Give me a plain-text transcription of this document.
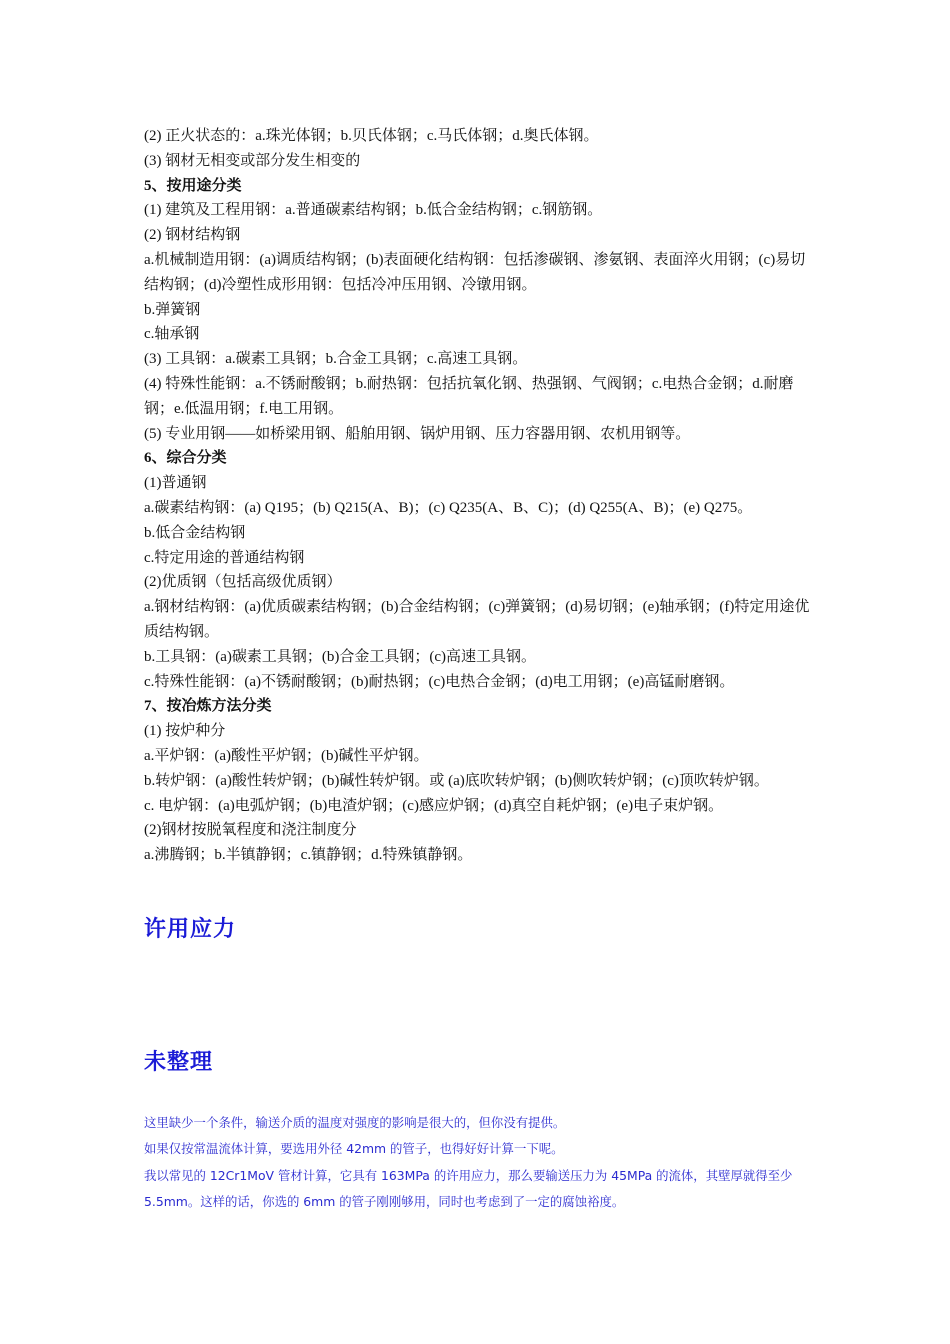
(2) 正火状态的：a.珠光体钢；b.贝氏体钢；c.马氏体钢；d.奥氏体钢。

(3) 钢材无相变或部分发生相变的

5、按用途分类

(1) 建筑及工程用钢：a.普通碳素结构钢；b.低合金结构钢；c.钢筋钢。

(2) 钢材结构钢

a.机械制造用钢：(a)调质结构钢；(b)表面硬化结构钢：包括渗碳钢、渗氨钢、表面淬火用钢；(c)易切结构钢；(d)冷塑性成形用钢：包括冷冲压用钢、冷镦用钢。

b.弹簧钢

c.轴承钢

(3) 工具钢：a.碳素工具钢；b.合金工具钢；c.高速工具钢。

(4) 特殊性能钢：a.不锈耐酸钢；b.耐热钢：包括抗氧化钢、热强钢、气阀钢；c.电热合金钢；d.耐磨钢；e.低温用钢；f.电工用钢。

(5) 专业用钢——如桥梁用钢、船舶用钢、锅炉用钢、压力容器用钢、农机用钢等。

6、综合分类

(1)普通钢

a.碳素结构钢：(a) Q195；(b) Q215(A、B)；(c) Q235(A、B、C)；(d) Q255(A、B)；(e) Q275。

b.低合金结构钢

c.特定用途的普通结构钢

(2)优质钢（包括高级优质钢）

a.钢材结构钢：(a)优质碳素结构钢；(b)合金结构钢；(c)弹簧钢；(d)易切钢；(e)轴承钢；(f)特定用途优质结构钢。

b.工具钢：(a)碳素工具钢；(b)合金工具钢；(c)高速工具钢。

c.特殊性能钢：(a)不锈耐酸钢；(b)耐热钢；(c)电热合金钢；(d)电工用钢；(e)高锰耐磨钢。

7、按冶炼方法分类

(1) 按炉种分

a.平炉钢：(a)酸性平炉钢；(b)碱性平炉钢。

b.转炉钢：(a)酸性转炉钢；(b)碱性转炉钢。或 (a)底吹转炉钢；(b)侧吹转炉钢；(c)顶吹转炉钢。

c. 电炉钢：(a)电弧炉钢；(b)电渣炉钢；(c)感应炉钢；(d)真空自耗炉钢；(e)电子束炉钢。

(2)钢材按脱氧程度和浇注制度分

a.沸腾钢；b.半镇静钢；c.镇静钢；d.特殊镇静钢。

许用应力
未整理

这里缺少一个条件，输送介质的温度对强度的影响是很大的，但你没有提供。

如果仅按常温流体计算，要选用外径 42mm 的管子，也得好好计算一下呢。

我以常见的 12Cr1MoV 管材计算，它具有 163MPa 的许用应力，那么要输送压力为 45MPa 的流体，其壁厚就得至少 5.5mm。这样的话，你选的 6mm 的管子刚刚够用，同时也考虑到了一定的腐蚀裕度。
